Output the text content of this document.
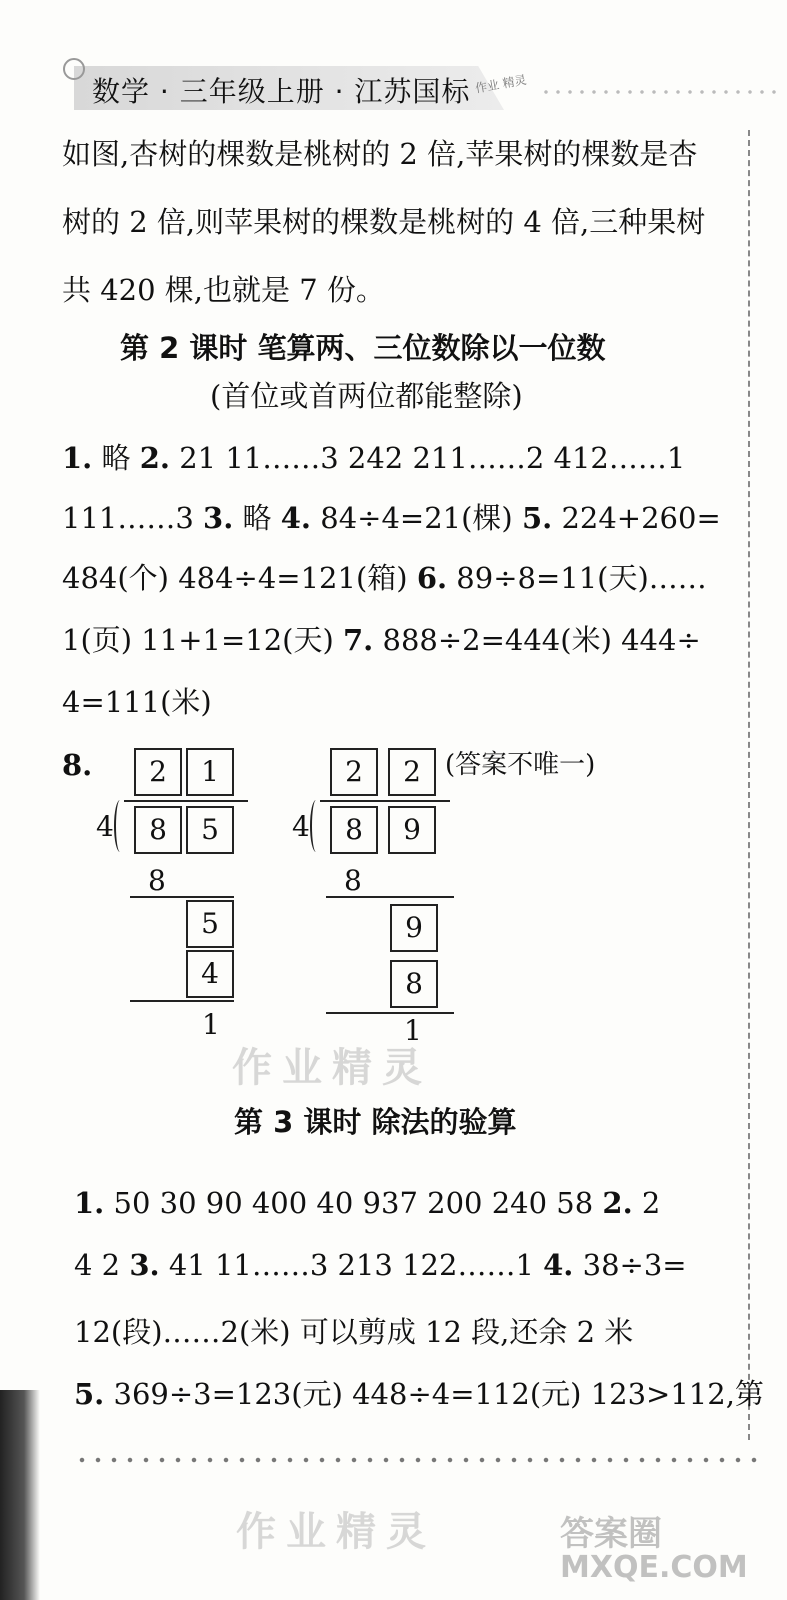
数学 · 三年级上册 · 江苏国标 作业 精灵
如图,杏树的棵数是桃树的 2 倍,苹果树的棵数是杏
树的 2 倍,则苹果树的棵数是桃树的 4 倍,三种果树
共 420 棵,也就是 7 份。
第 2 课时 笔算两、三位数除以一位数
(首位或首两位都能整除)
1. 略 2. 21 11……3 242 211……2 412……1
111……3 3. 略 4. 84÷4=21(棵) 5. 224+260=
484(个) 484÷4=121(箱) 6. 89÷8=11(天)……
1(页) 11+1=12(天) 7. 888÷2=444(米) 444÷
4=111(米)
8.	(答案不唯一)
2	1
4	8	5
8
5
4
1
2	2
4	8	9
8
9
8
1
作业精灵
第 3 课时 除法的验算
1. 50 30 90 400 40 937 200 240 58 2. 2
4 2 3. 41 11……3 213 122……1 4. 38÷3=
12(段)……2(米) 可以剪成 12 段,还余 2 米
5. 369÷3=123(元) 448÷4=112(元) 123>112,第
作业精灵	答案圈
MXQE.COM
